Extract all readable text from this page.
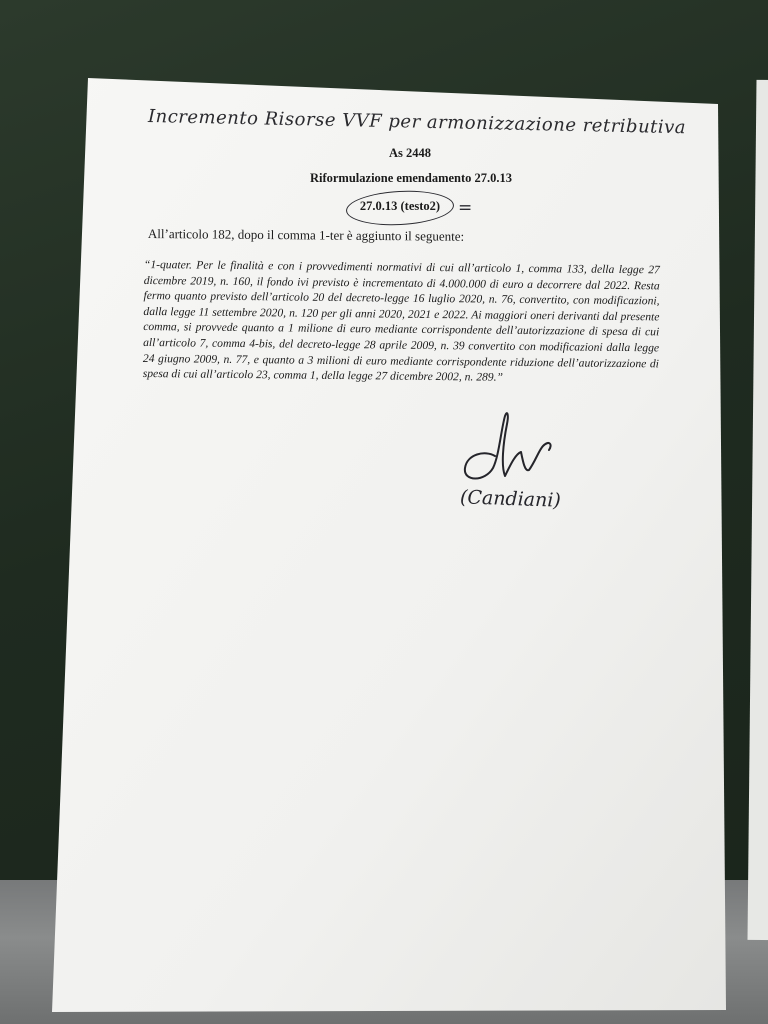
Incremento Risorse VVF per armonizzazione retributiva

As 2448

Riformulazione emendamento 27.0.13

27.0.13 (testo2)	=

All’articolo 182, dopo il comma 1-ter è aggiunto il seguente:

“1-quater. Per le finalità e con i provvedimenti normativi di cui all’articolo 1, comma 133, della legge 27 dicembre 2019, n. 160, il fondo ivi previsto è incrementato di 4.000.000 di euro a decorrere dal 2022. Resta fermo quanto previsto dell’articolo 20 del decreto-legge 16 luglio 2020, n. 76, convertito, con modificazioni, dalla legge 11 settembre 2020, n. 120 per gli anni 2020, 2021 e 2022. Ai maggiori oneri derivanti dal presente comma, si provvede quanto a 1 milione di euro mediante corrispondente dell’autorizzazione di spesa di cui all’articolo 7, comma 4-bis, del decreto-legge 28 aprile 2009, n. 39 convertito con modificazioni dalla legge 24 giugno 2009, n. 77, e quanto a 3 milioni di euro mediante corrispondente riduzione dell’autorizzazione di spesa di cui all’articolo 23, comma 1, della legge 27 dicembre 2002, n. 289.”

(Candiani)
